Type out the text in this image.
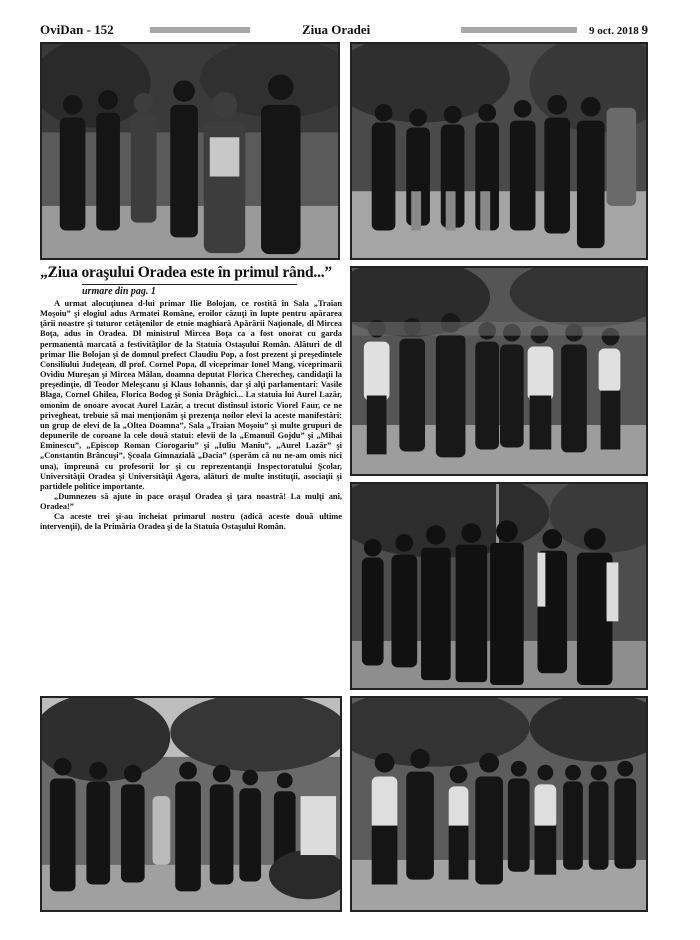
OviDan - 152	Ziua Oradei	9 oct. 2018 9
„Ziua oraşului Oradea este în primul rând...”
urmare din pag. 1

A urmat alocuţiunea d-lui primar Ilie Bolojan, ce rostită în Sala „Traian Moşoiu” şi elogiul adus Armatei Române, eroilor căzuţi în lupte pentru apărarea ţării noastre şi tuturor cetăţenilor de etnie maghiară Apărării Naţionale, dl Mircea Boţa, adus în Oradea. Dl ministrul Mircea Boţa ca a fost onorat cu garda permanentă marcată a festivităţilor de la Statuia Ostaşului Român. Alături de dl primar Ilie Bolojan şi de domnul prefect Claudiu Pop, a fost prezent şi preşedintele Consiliului Judeţean, dl prof. Cornel Popa, dl viceprimar Ionel Mang, viceprimarii Ovidiu Mureşan şi Mircea Mălan, doamna deputat Florica Cherecheş, candidaţii la preşedinţie, dl Teodor Meleşcanu şi Klaus Iohannis, dar şi alţi parlamentari: Vasile Blaga, Cornel Ghilea, Florica Bodog şi Sonia Drăghici... La statuia lui Aurel Lazăr, omonim de onoare avocat Aurel Lazăr, a trecut distinsul istoric Viorel Faur, ce ne privegheat, trebuie să mai menţionăm şi prezenţa noilor elevi la aceste manifestări: un grup de elevi de la „Oltea Doamna”, Sala „Traian Moşoiu” şi multe grupuri de depunerile de coroane la cele două statui: elevii de la „Emanuil Gojdu” şi „Mihai Eminescu”, „Episcop Roman Ciorogariu” şi „Iuliu Maniu”, „Aurel Lazăr” şi „Constantin Brâncuşi”, Şcoala Gimnazială „Dacia” (sperăm că nu ne-am omis nici una), împreună cu profesorii lor şi cu reprezentanţii Inspectoratului Şcolar, Universităţii Oradea şi Universităţii Agora, alături de multe instituţii, asociaţii şi partidele politice importante.

„Dumnezeu să ajute în pace oraşul Oradea şi ţara noastră! La mulţi ani, Oradea!”

Ca aceste trei şi-au încheiat primarul nostru (adică aceste două ultime intervenţii), de la Primăria Oradea şi de la Statuia Ostaşului Român.
